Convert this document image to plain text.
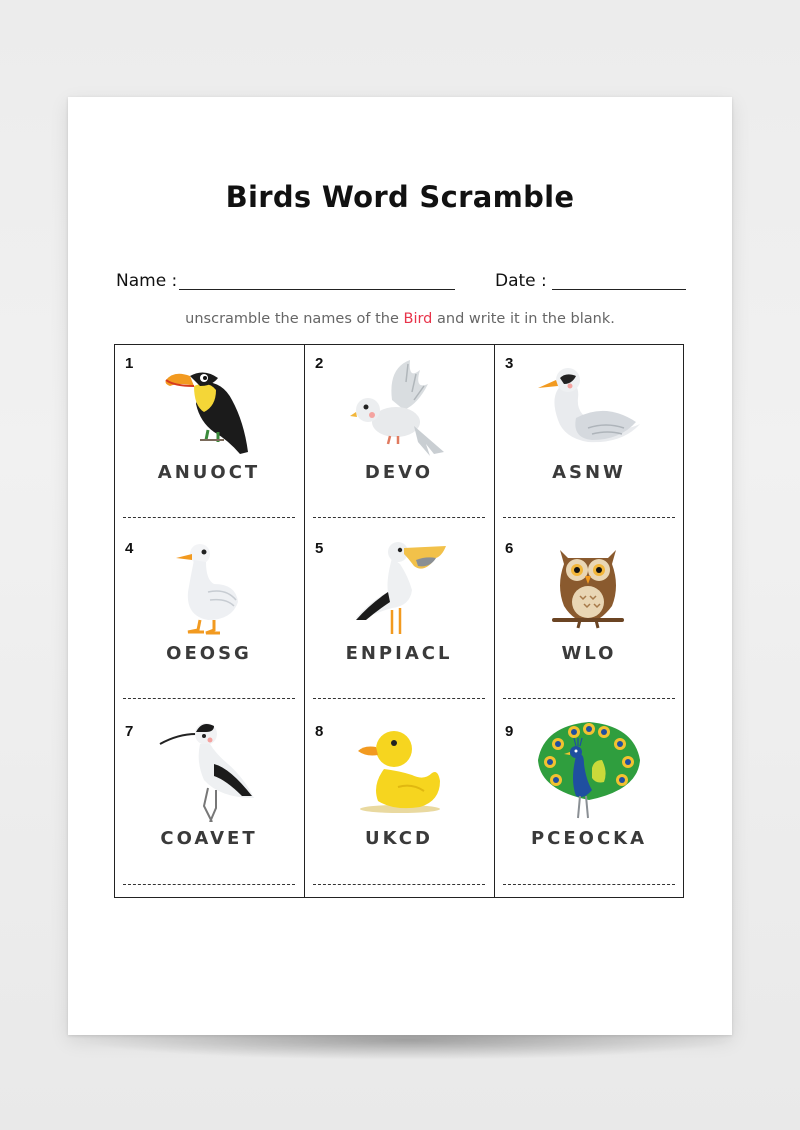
Birds Word Scramble
Name :	Date :
unscramble the names of the Bird and write it in the blank.
1
ANUOCT
2
DEVO
3
ASNW
4
OEOSG
5
ENPIACL
6
WLO
7
COAVET
8
UKCD
9
PCEOCKA
